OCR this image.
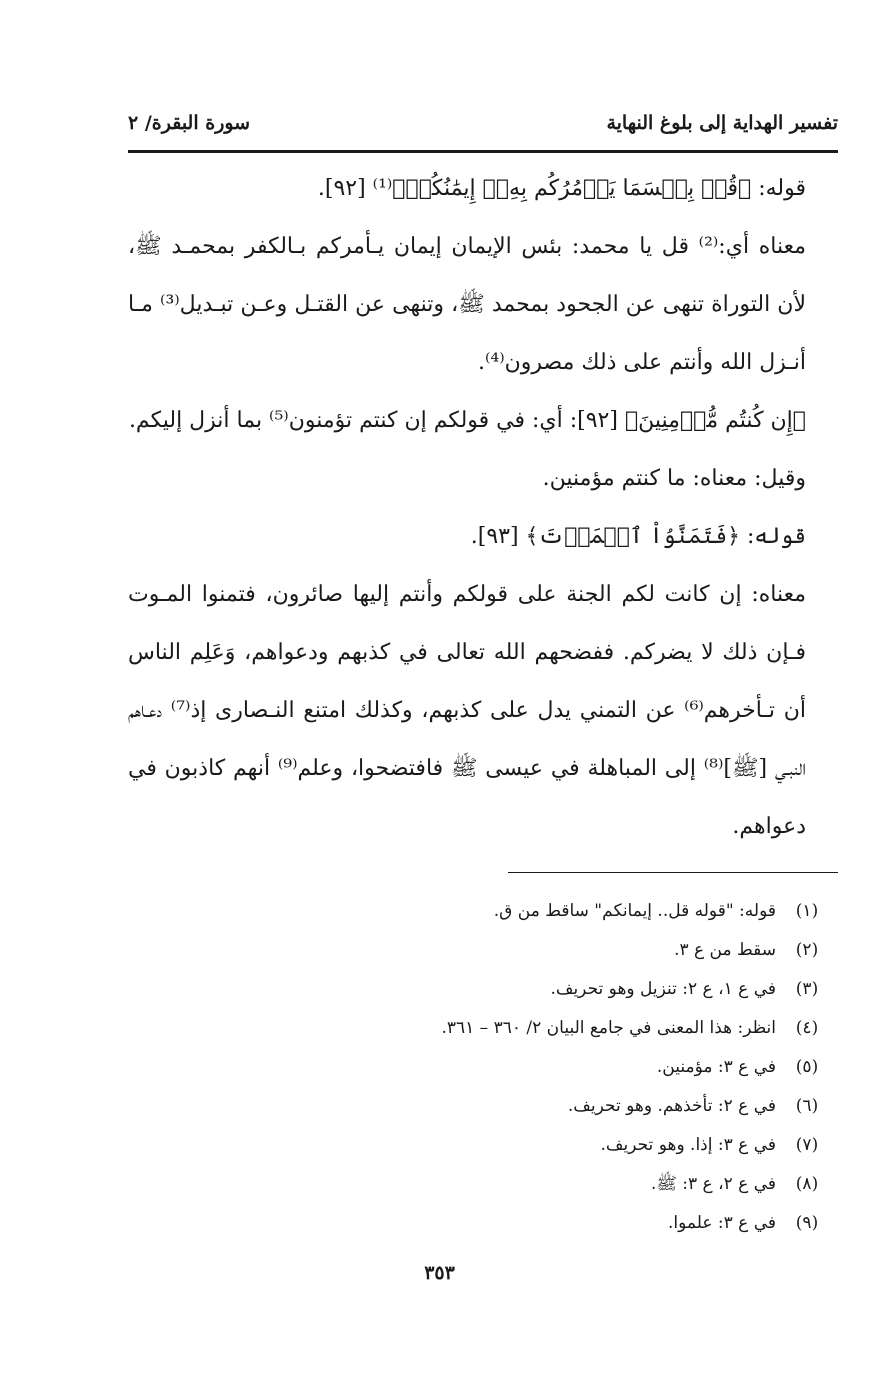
تفسير الهداية إلى بلوغ النهاية
سورة البقرة/ ٢

قوله: ﴿قُلۡ بِئۡسَمَا يَأۡمُرُكُم بِهِۦٓ إِيمَٰنُكُمۡ﴾⁽¹⁾ [٩٢].

معناه أي:⁽²⁾ قل يا محمد: بئس الإيمان إيمان يـأمركم بـالكفر بمحمـد ﷺ، لأن التوراة تنهى عن الجحود بمحمد ﷺ، وتنهى عن القتـل وعـن تبـديل⁽³⁾ مـا أنـزل الله وأنتم على ذلك مصرون⁽⁴⁾.

﴿إِن كُنتُم مُّؤۡمِنِينَ﴾ [٩٢]: أي: في قولكم إن كنتم تؤمنون⁽⁵⁾ بما أنزل إليكم.

وقيل: معناه: ما كنتم مؤمنين.

قوله: ﴿فَتَمَنَّوُاْ ٱلۡمَوۡتَ﴾ [٩٣].

معناه: إن كانت لكم الجنة على قولكم وأنتم إليها صائرون، فتمنوا المـوت فـإن ذلك لا يضركم. ففضحهم الله تعالى في كذبهم ودعواهم، وَعَلِم الناس أن تـأخرهم⁽⁶⁾ عن التمني يدل على كذبهم، وكذلك امتنع النـصارى إذ⁽⁷⁾ دعـاهم النبـي [ﷺ]⁽⁸⁾ إلى المباهلة في عيسى ﷺ فافتضحوا، وعلم⁽⁹⁾ أنهم كاذبون في دعواهم.

(١)
قوله: "قوله قل.. إيمانكم" ساقط من ق.
(٢)
سقط من ع ٣.
(٣)
في ع ١، ع ٢: تنزيل وهو تحريف.
(٤)
انظر: هذا المعنى في جامع البيان ٢/ ٣٦٠ – ٣٦١.
(٥)
في ع ٣: مؤمنين.
(٦)
في ع ٢: تأخذهم. وهو تحريف.
(٧)
في ع ٣: إذا. وهو تحريف.
(٨)
في ع ٢، ع ٣: ﷺ.
(٩)
في ع ٣: علموا.
٣٥٣
